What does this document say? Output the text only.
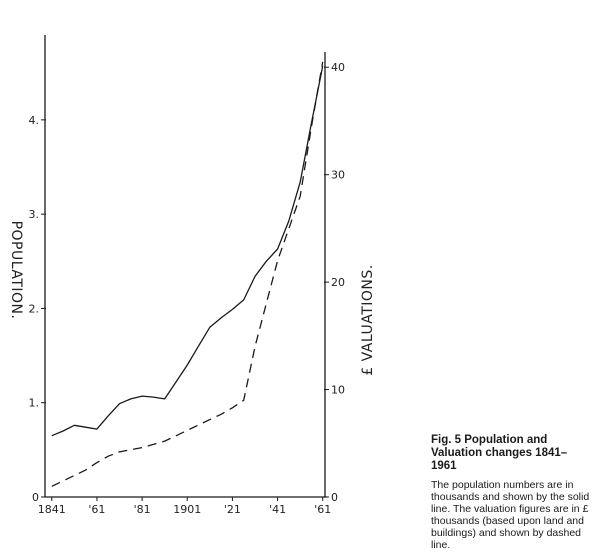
0
1.
2.
3.
4.
0
10
20
30
40
1841 '61	'81 1901 '21	'41	'61
POPULATION.	£ VALUATIONS.

Fig. 5 Population and Valuation changes 1841–1961

The population numbers are in thousands and shown by the solid line. The valuation figures are in £ thousands (based upon land and buildings) and shown by dashed line.
